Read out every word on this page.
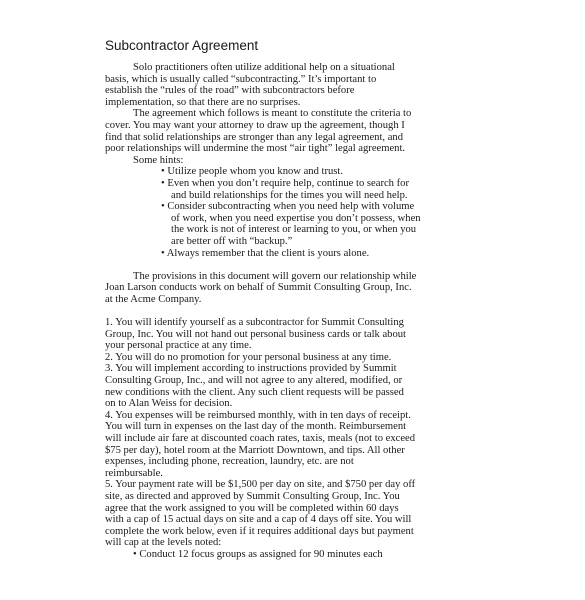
Subcontractor Agreement
Solo practitioners often utilize additional help on a situational
basis, which is usually called “subcontracting.” It’s important to
establish the “rules of the road” with subcontractors before
implementation, so that there are no surprises.
The agreement which follows is meant to constitute the criteria to
cover. You may want your attorney to draw up the agreement, though I
find that solid relationships are stronger than any legal agreement, and
poor relationships will undermine the most “air tight” legal agreement.
Some hints:
• Utilize people whom you know and trust.
• Even when you don’t require help, continue to search for
and build relationships for the times you will need help.
• Consider subcontracting when you need help with volume
of work, when you need expertise you don’t possess, when
the work is not of interest or learning to you, or when you
are better off with “backup.”
• Always remember that the client is yours alone.
The provisions in this document will govern our relationship while
Joan Larson conducts work on behalf of Summit Consulting Group, Inc.
at the Acme Company.
1. You will identify yourself as a subcontractor for Summit Consulting
Group, Inc. You will not hand out personal business cards or talk about
your personal practice at any time.
2. You will do no promotion for your personal business at any time.
3. You will implement according to instructions provided by Summit
Consulting Group, Inc., and will not agree to any altered, modified, or
new conditions with the client. Any such client requests will be passed
on to Alan Weiss for decision.
4. You expenses will be reimbursed monthly, with in ten days of receipt.
You will turn in expenses on the last day of the month. Reimbursement
will include air fare at discounted coach rates, taxis, meals (not to exceed
$75 per day), hotel room at the Marriott Downtown, and tips. All other
expenses, including phone, recreation, laundry, etc. are not
reimbursable.
5. Your payment rate will be $1,500 per day on site, and $750 per day off
site, as directed and approved by Summit Consulting Group, Inc. You
agree that the work assigned to you will be completed within 60 days
with a cap of 15 actual days on site and a cap of 4 days off site. You will
complete the work below, even if it requires additional days but payment
will cap at the levels noted:
• Conduct 12 focus groups as assigned for 90 minutes each
